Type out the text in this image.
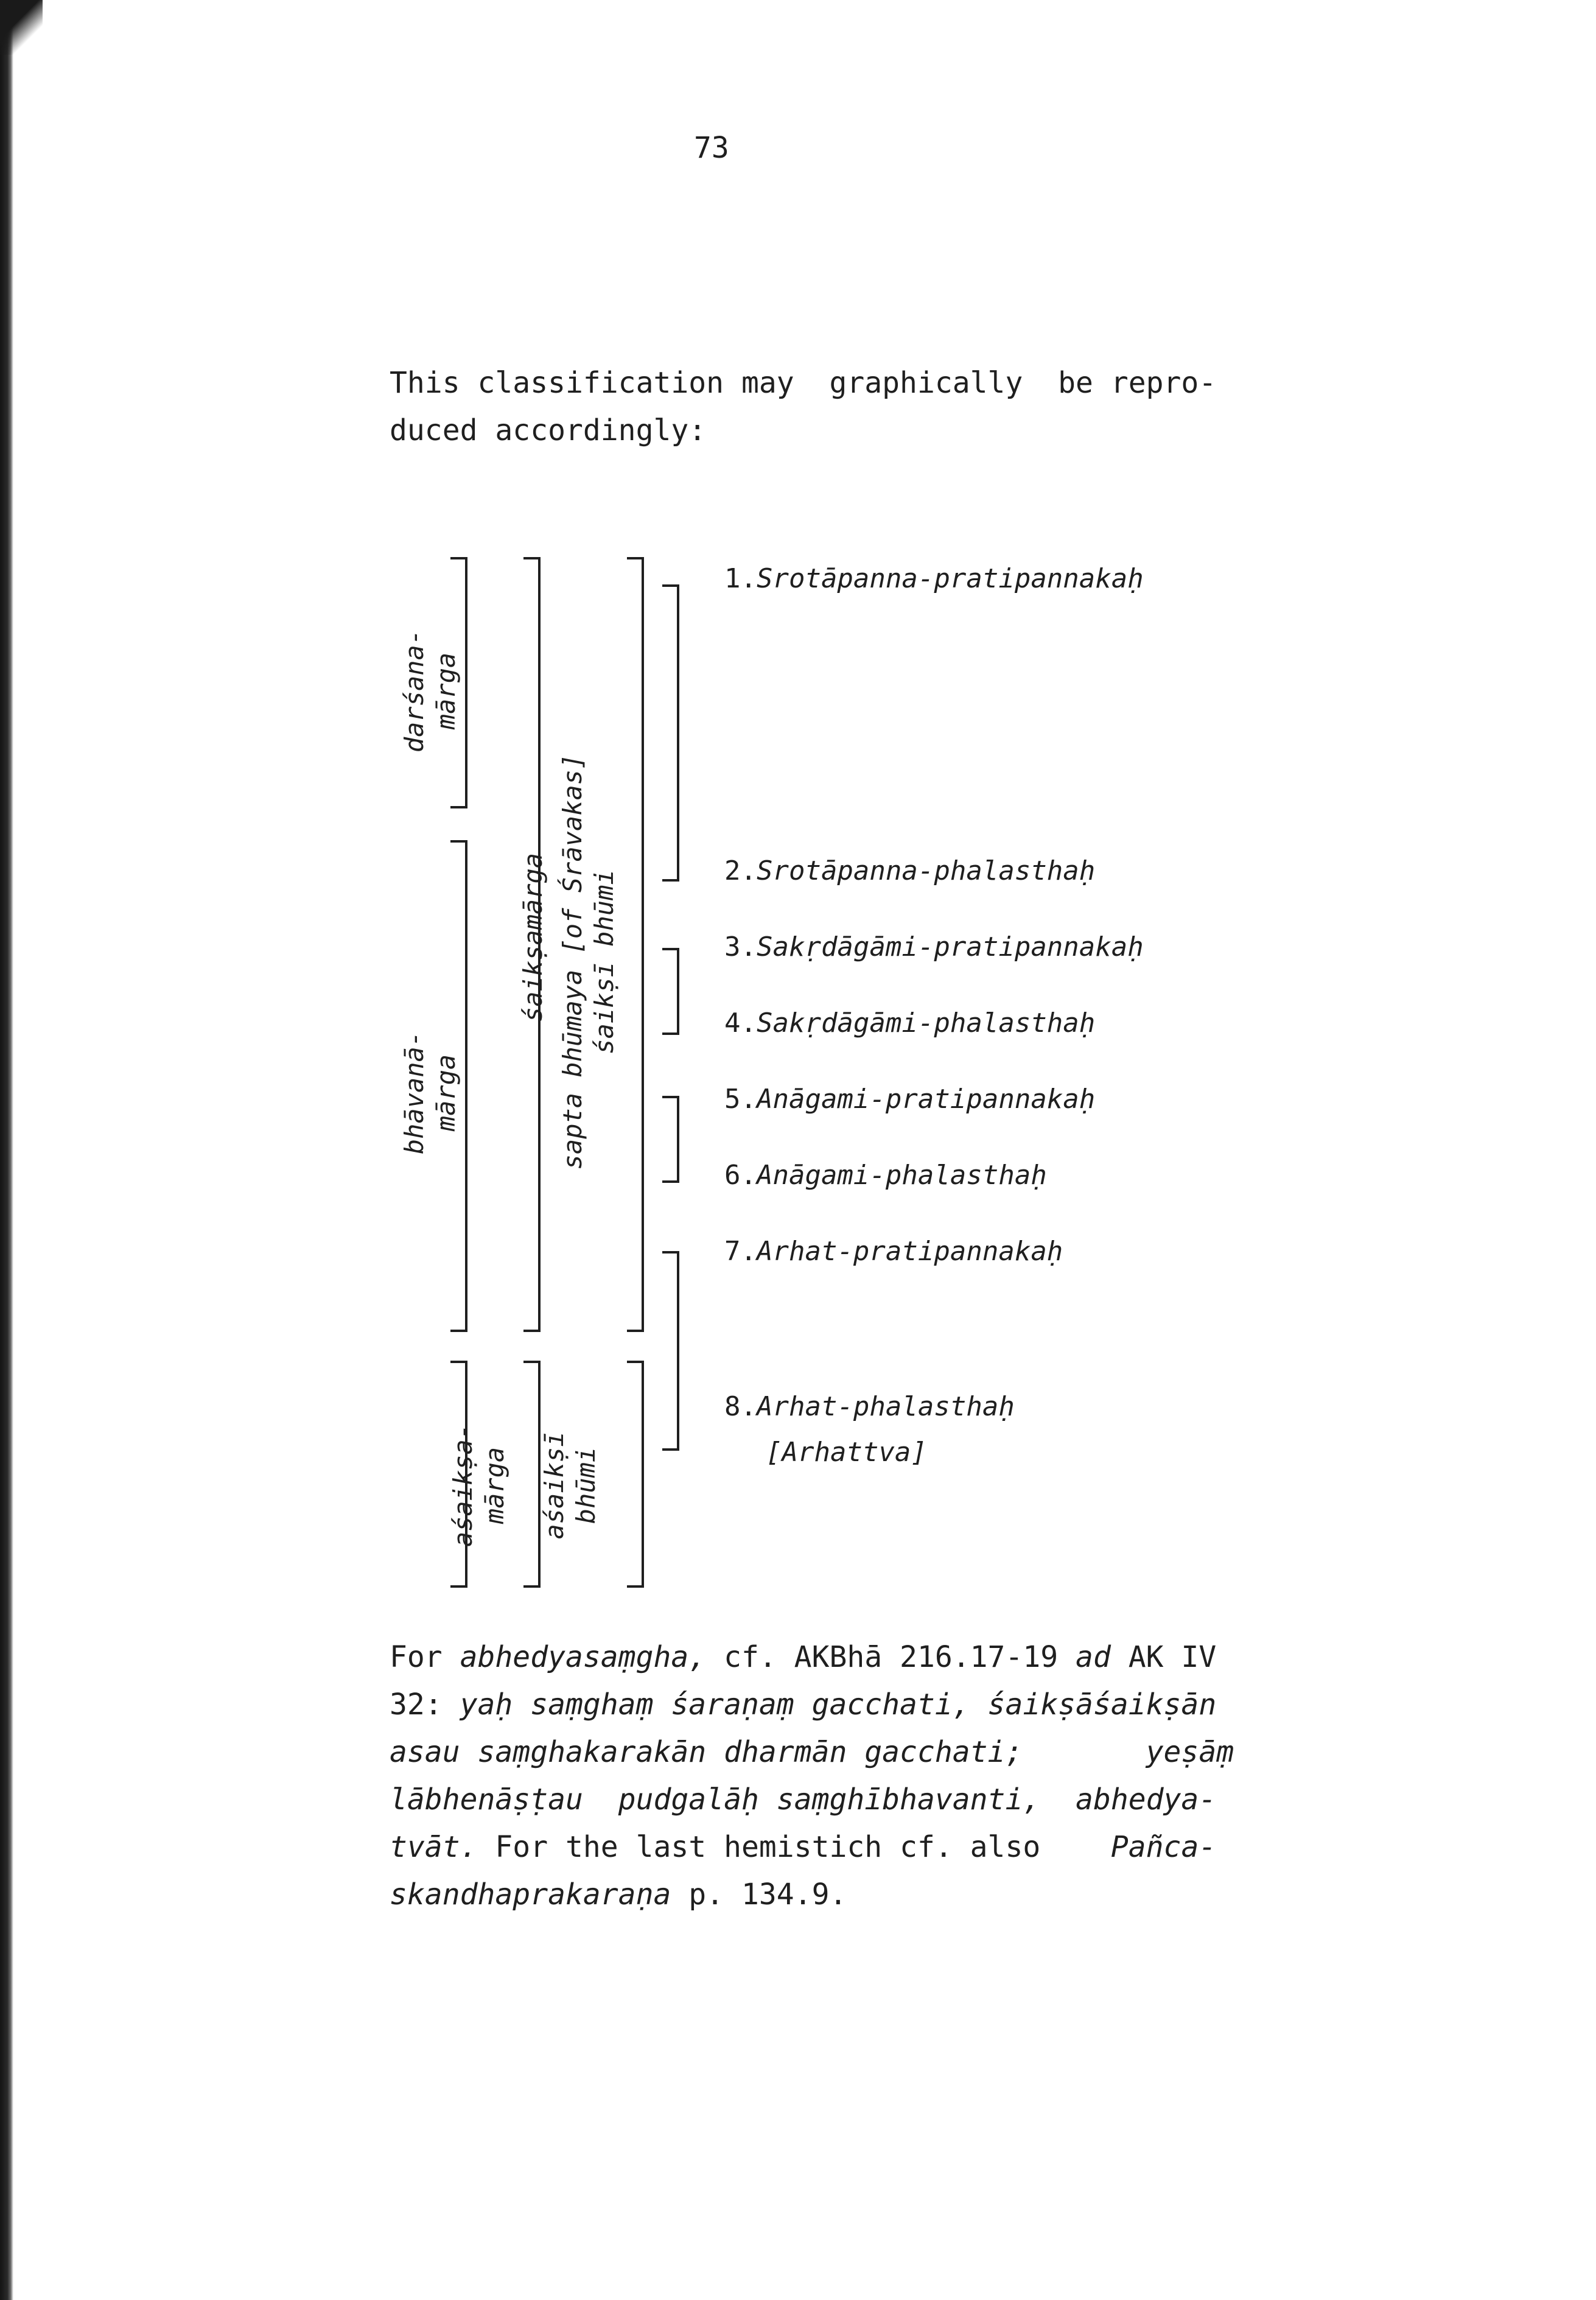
73
This classification may  graphically  be repro-
duced accordingly:
darśana-
mārga
bhāvanā-
mārga
śaikṣamārga
sapta bhūmaya [of Śrāvakas]
śaikṣī bhūmi
aśaikṣa-
mārga aśaikṣī
bhūmi
1.Srotāpanna-pratipannakaḥ
2.Srotāpanna-phalasthaḥ
3.Sakṛdāgāmi-pratipannakaḥ
4.Sakṛdāgāmi-phalasthaḥ
5.Anāgami-pratipannakaḥ
6.Anāgami-phalasthaḥ
7.Arhat-pratipannakaḥ
8.Arhat-phalasthaḥ
[Arhattva]
For abhedyasaṃgha, cf. AKBhā 216.17-19 ad AK IV
32: yaḥ saṃghaṃ śaraṇaṃ gacchati, śaikṣāśaikṣān
asau saṃghakarakān dharmān gacchati;       yeṣāṃ
lābhenāṣṭau  pudgalāḥ saṃghībhavanti,  abhedya-
tvāt. For the last hemistich cf. also    Pañca-
skandhaprakaraṇa p. 134.9.
